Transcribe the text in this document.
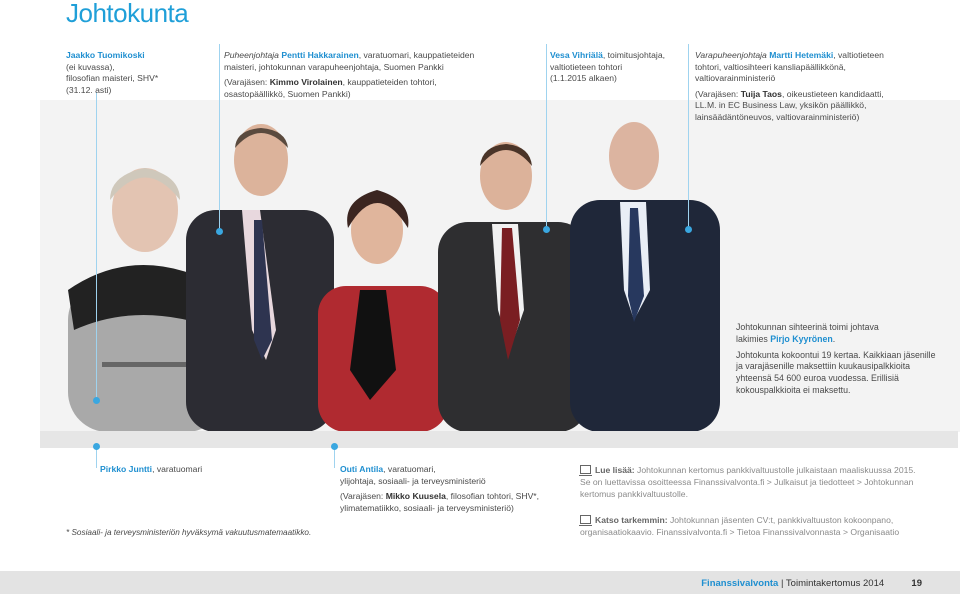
Johtokunta
Jaakko Tuomikoski
(ei kuvassa),
filosofian maisteri, SHV*
(31.12. asti)

Puheenjohtaja Pentti Hakkarainen, varatuomari, kauppatieteiden
maisteri, johtokunnan varapuheenjohtaja, Suomen Pankki

(Varajäsen: Kimmo Virolainen, kauppatieteiden tohtori,
osastopäällikkö, Suomen Pankki)

Vesa Vihriälä, toimitusjohtaja,
valtiotieteen tohtori
(1.1.2015 alkaen)

Varapuheenjohtaja Martti Hetemäki, valtiotieteen
tohtori, valtiosihteeri kansliapäällikkönä,
valtiovarainministeriö

(Varajäsen: Tuija Taos, oikeustieteen kandidaatti,
LL.M. in EC Business Law, yksikön päällikkö,
lainsäädäntöneuvos, valtiovarainministeriö)

Johtokunnan sihteerinä toimi johtava
lakimies Pirjo Kyyrönen.

Johtokunta kokoontui 19 kertaa. Kaikkiaan jäsenille ja varajäsenille maksettiin kuukausipalkkioita yhteensä 54 600 euroa vuodessa. Erillisiä kokouspalkkioita ei maksettu.

Pirkko Juntti, varatuomari
* Sosiaali- ja terveysministeriön hyväksymä vakuutusmatemaatikko.

Outi Antila, varatuomari,
ylijohtaja, sosiaali- ja terveysministeriö

(Varajäsen: Mikko Kuusela, filosofian tohtori, SHV*,
ylimatematiikko, sosiaali- ja terveysministeriö)

Lue lisää: Johtokunnan kertomus pankkivaltuustolle julkaistaan maaliskuussa 2015.
Se on luettavissa osoitteessa Finanssivalvonta.fi > Julkaisut ja tiedotteet > Johtokunnan
kertomus pankkivaltuustolle.
Katso tarkemmin: Johtokunnan jäsenten CV:t, pankkivaltuuston kokoonpano,
organisaatiokaavio. Finanssivalvonta.fi > Tietoa Finanssivalvonnasta > Organisaatio
Finanssivalvonta | Toimintakertomus 2014	19
